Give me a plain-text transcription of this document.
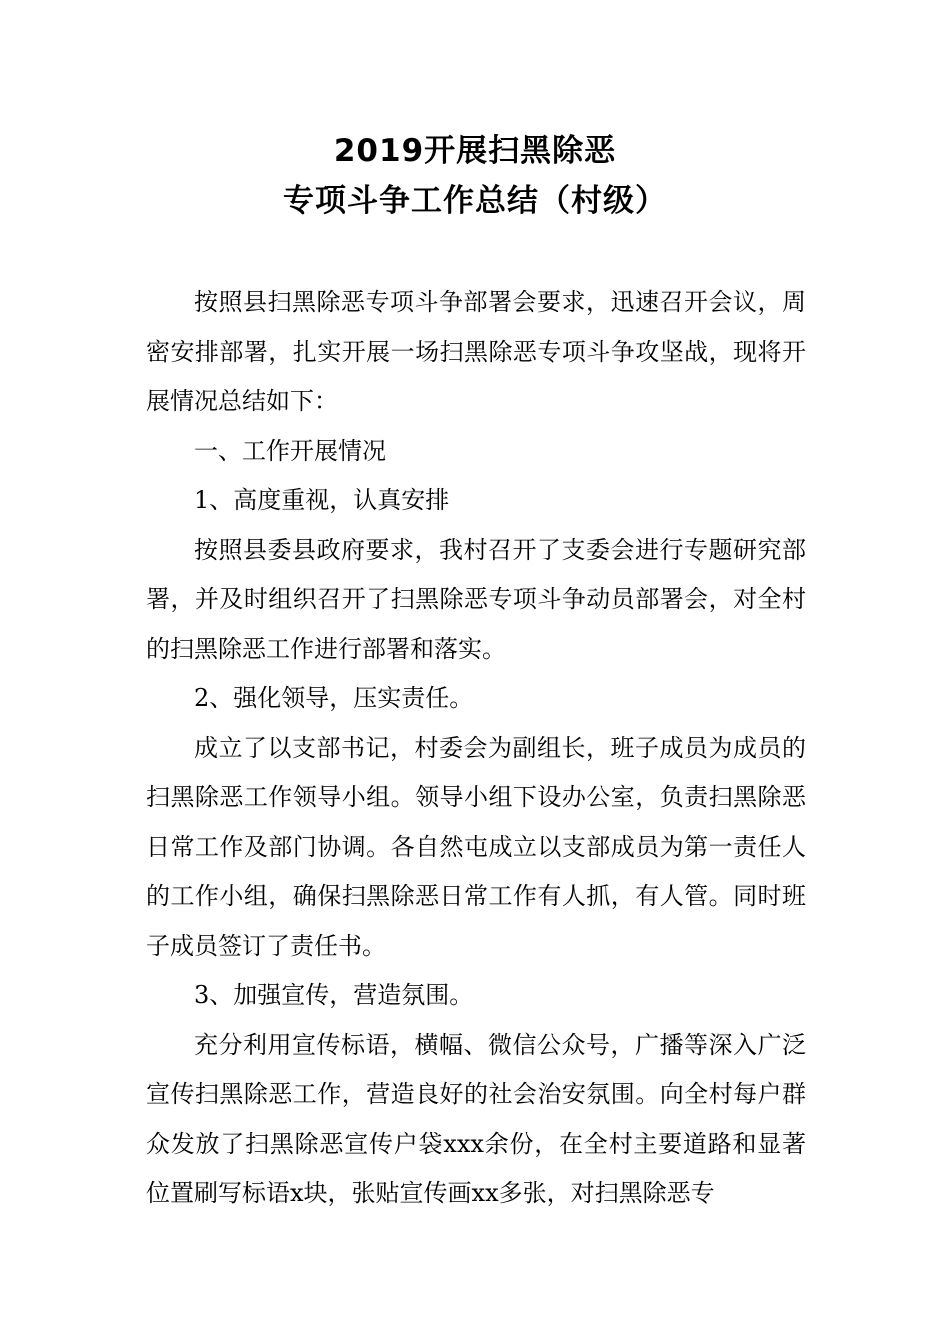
2019开展扫黑除恶
专项斗争工作总结（村级）

按照县扫黑除恶专项斗争部署会要求，迅速召开会议，周密安排部署，扎实开展一场扫黑除恶专项斗争攻坚战，现将开展情况总结如下：

一、工作开展情况

1、高度重视，认真安排

按照县委县政府要求，我村召开了支委会进行专题研究部署，并及时组织召开了扫黑除恶专项斗争动员部署会，对全村的扫黑除恶工作进行部署和落实。

2、强化领导，压实责任。

成立了以支部书记，村委会为副组长，班子成员为成员的扫黑除恶工作领导小组。领导小组下设办公室，负责扫黑除恶日常工作及部门协调。各自然屯成立以支部成员为第一责任人的工作小组，确保扫黑除恶日常工作有人抓，有人管。同时班子成员签订了责任书。

3、加强宣传，营造氛围。

充分利用宣传标语，横幅、微信公众号，广播等深入广泛宣传扫黑除恶工作，营造良好的社会治安氛围。向全村每户群众发放了扫黑除恶宣传户袋xxx余份，在全村主要道路和显著位置刷写标语x块，张贴宣传画xx多张，对扫黑除恶专
